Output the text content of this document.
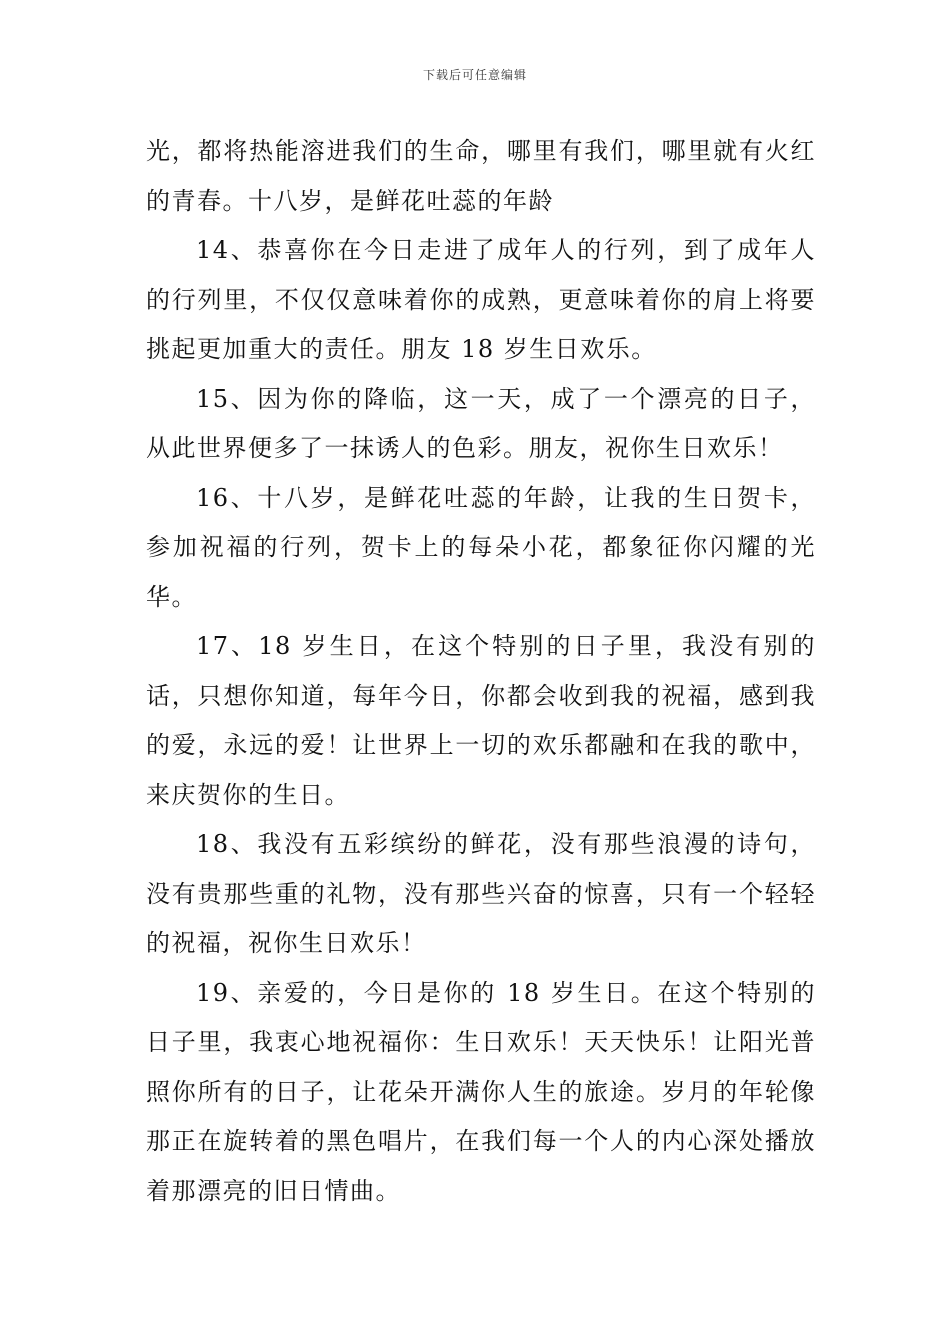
下载后可任意编辑

光，都将热能溶进我们的生命，哪里有我们，哪里就有火红的青春。十八岁，是鲜花吐蕊的年龄

14、恭喜你在今日走进了成年人的行列，到了成年人的行列里，不仅仅意味着你的成熟，更意味着你的肩上将要挑起更加重大的责任。朋友 18 岁生日欢乐。

15、因为你的降临，这一天，成了一个漂亮的日子，从此世界便多了一抹诱人的色彩。朋友，祝你生日欢乐！

16、十八岁，是鲜花吐蕊的年龄，让我的生日贺卡，参加祝福的行列，贺卡上的每朵小花，都象征你闪耀的光华。

17、18 岁生日，在这个特别的日子里，我没有别的话，只想你知道，每年今日，你都会收到我的祝福，感到我的爱，永远的爱！让世界上一切的欢乐都融和在我的歌中，来庆贺你的生日。

18、我没有五彩缤纷的鲜花，没有那些浪漫的诗句，没有贵那些重的礼物，没有那些兴奋的惊喜，只有一个轻轻的祝福，祝你生日欢乐！

19、亲爱的，今日是你的 18 岁生日。在这个特别的日子里，我衷心地祝福你：生日欢乐！天天快乐！让阳光普照你所有的日子，让花朵开满你人生的旅途。岁月的年轮像那正在旋转着的黑色唱片，在我们每一个人的内心深处播放着那漂亮的旧日情曲。
